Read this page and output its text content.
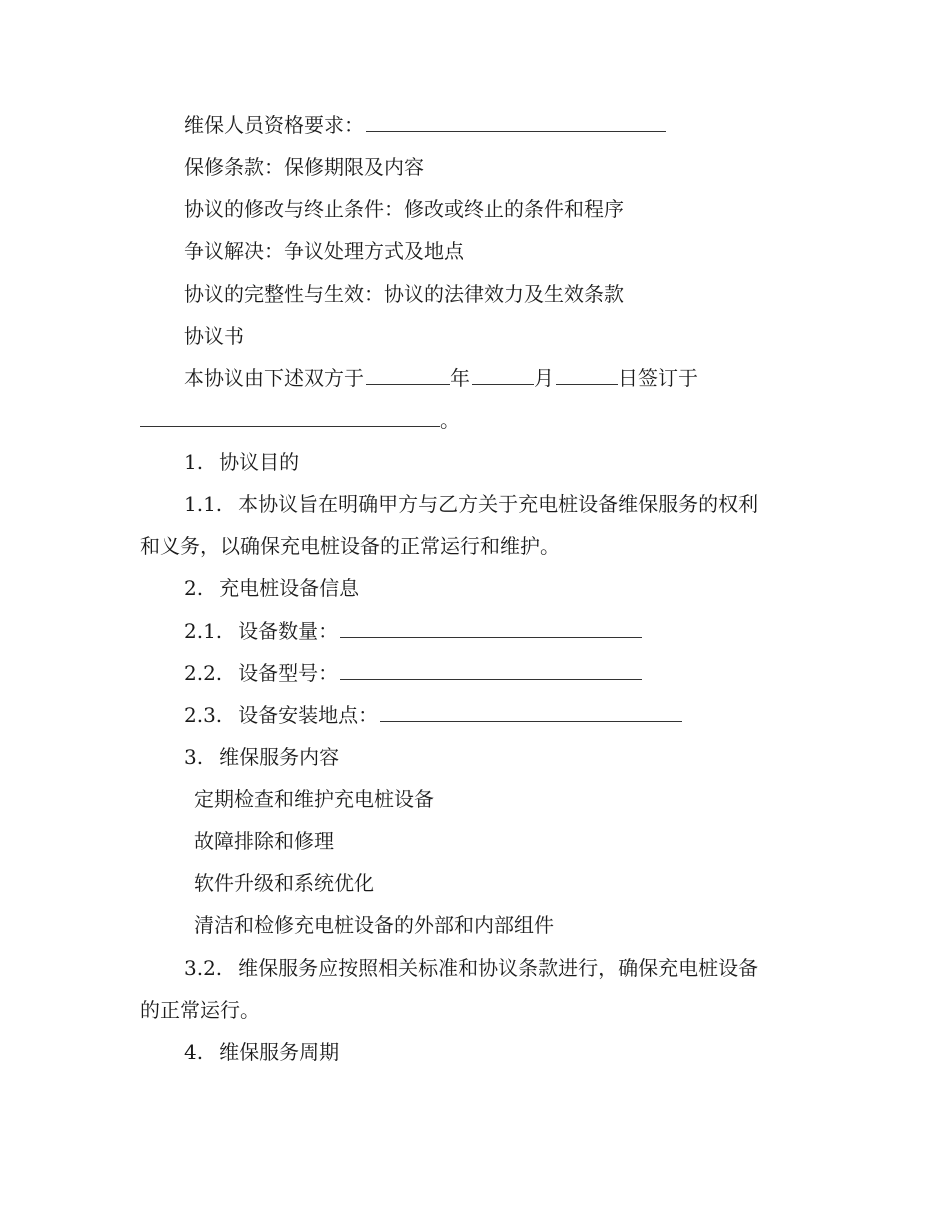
维保人员资格要求：
保修条款：保修期限及内容
协议的修改与终止条件：修改或终止的条件和程序
争议解决：争议处理方式及地点
协议的完整性与生效：协议的法律效力及生效条款
协议书
本协议由下述双方于	年	月	日签订于
。
1. 协议目的
1.1. 本协议旨在明确甲方与乙方关于充电桩设备维保服务的权利
和义务，以确保充电桩设备的正常运行和维护。
2. 充电桩设备信息
2.1. 设备数量：
2.2. 设备型号：
2.3. 设备安装地点：
3. 维保服务内容
定期检查和维护充电桩设备
故障排除和修理
软件升级和系统优化
清洁和检修充电桩设备的外部和内部组件
3.2. 维保服务应按照相关标准和协议条款进行，确保充电桩设备
的正常运行。
4. 维保服务周期
